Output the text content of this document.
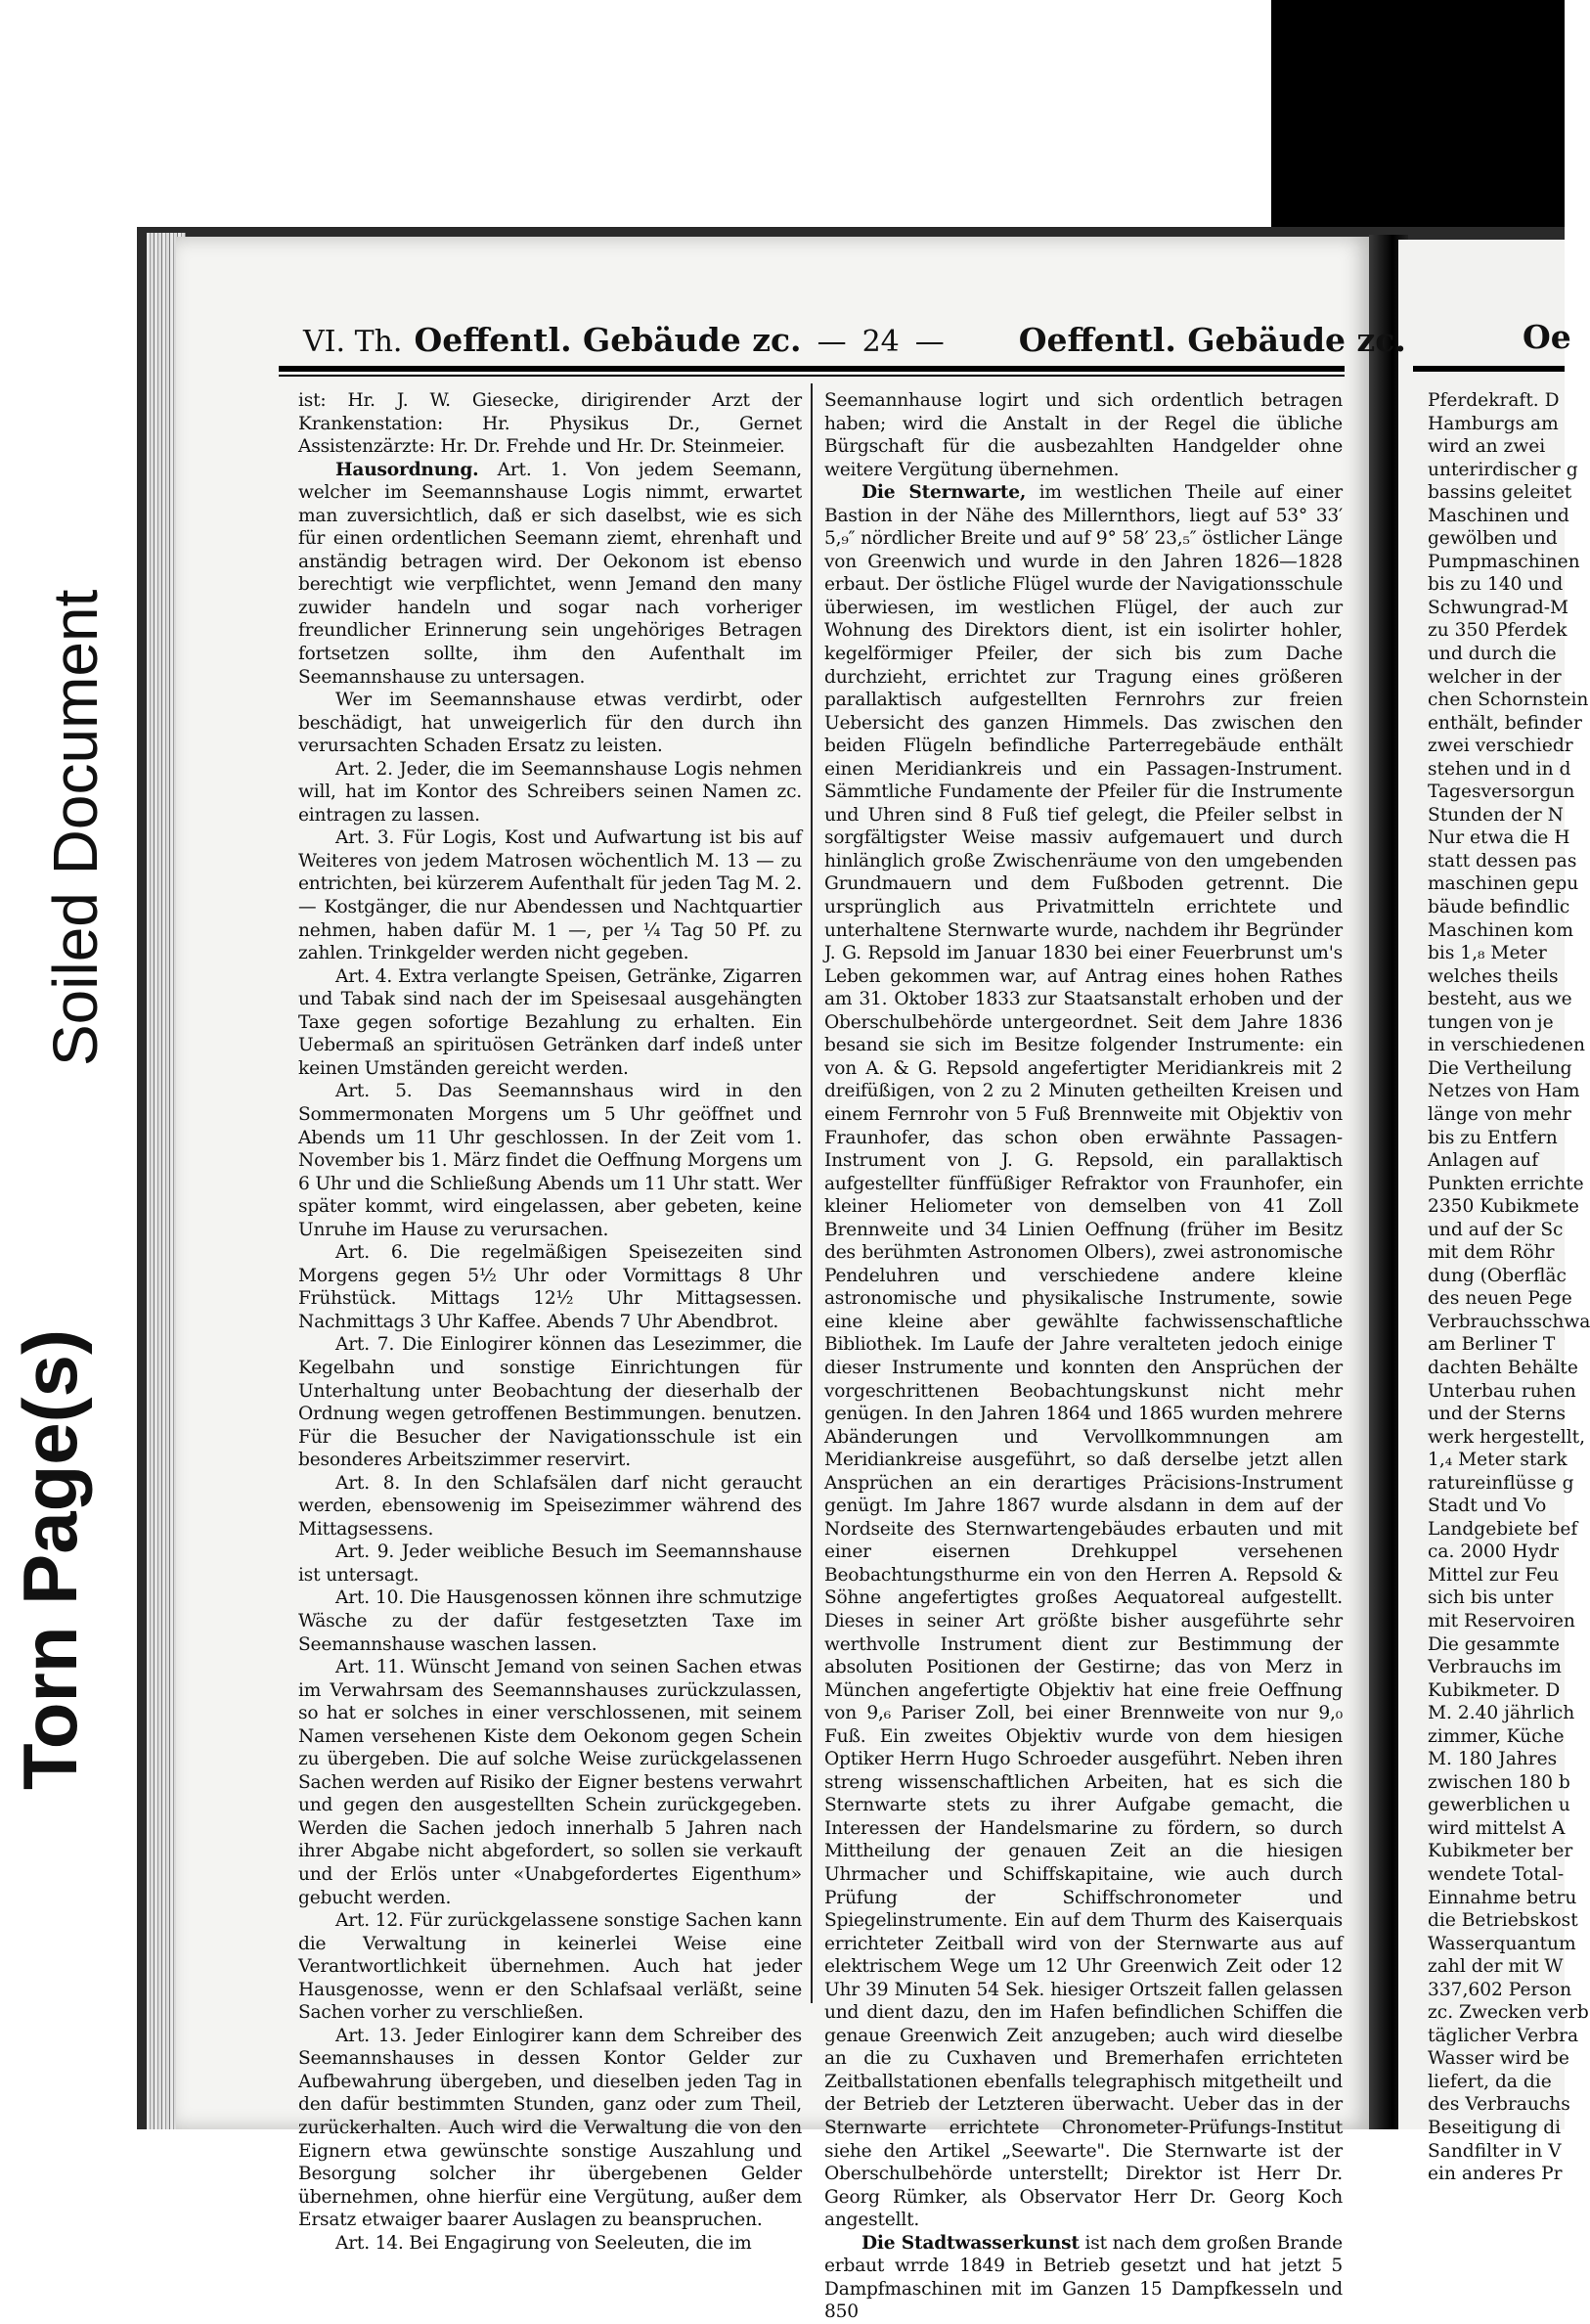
Soiled Document
Torn Page(s)
VI. Th. Oeffentl. Gebäude zc. — 24 — Oeffentl. Gebäude zc.

ist: Hr. J. W. Giesecke, dirigirender Arzt der Krankenstation: Hr. Physikus Dr., Gernet Assistenzärzte: Hr. Dr. Frehde und Hr. Dr. Steinmeier.

Hausordnung. Art. 1. Von jedem Seemann, welcher im Seemannshause Logis nimmt, erwartet man zuversichtlich, daß er sich daselbst, wie es sich für einen ordentlichen Seemann ziemt, ehrenhaft und anständig betragen wird. Der Oekonom ist ebenso berechtigt wie verpflichtet, wenn Jemand den many zuwider handeln und sogar nach vorheriger freundlicher Erinnerung sein ungehöriges Betragen fortsetzen sollte, ihm den Aufenthalt im Seemannshause zu untersagen.

Wer im Seemannshause etwas verdirbt, oder beschädigt, hat unweigerlich für den durch ihn verursachten Schaden Ersatz zu leisten.

Art. 2. Jeder, die im Seemannshause Logis nehmen will, hat im Kontor des Schreibers seinen Namen zc. eintragen zu lassen.

Art. 3. Für Logis, Kost und Aufwartung ist bis auf Weiteres von jedem Matrosen wöchentlich M. 13 — zu entrichten, bei kürzerem Aufenthalt für jeden Tag M. 2. — Kostgänger, die nur Abendessen und Nachtquartier nehmen, haben dafür M. 1 —, per ¼ Tag 50 Pf. zu zahlen. Trinkgelder werden nicht gegeben.

Art. 4. Extra verlangte Speisen, Getränke, Zigarren und Tabak sind nach der im Speisesaal ausgehängten Taxe gegen sofortige Bezahlung zu erhalten. Ein Uebermaß an spirituösen Getränken darf indeß unter keinen Umständen gereicht werden.

Art. 5. Das Seemannshaus wird in den Sommermonaten Morgens um 5 Uhr geöffnet und Abends um 11 Uhr geschlossen. In der Zeit vom 1. November bis 1. März findet die Oeffnung Morgens um 6 Uhr und die Schließung Abends um 11 Uhr statt. Wer später kommt, wird eingelassen, aber gebeten, keine Unruhe im Hause zu verursachen.

Art. 6. Die regelmäßigen Speisezeiten sind Morgens gegen 5½ Uhr oder Vormittags 8 Uhr Frühstück. Mittags 12½ Uhr Mittagsessen. Nachmittags 3 Uhr Kaffee. Abends 7 Uhr Abendbrot.

Art. 7. Die Einlogirer können das Lesezimmer, die Kegelbahn und sonstige Einrichtungen für Unterhaltung unter Beobachtung der dieserhalb der Ordnung wegen getroffenen Bestimmungen. benutzen. Für die Besucher der Navigationsschule ist ein besonderes Arbeitszimmer reservirt.

Art. 8. In den Schlafsälen darf nicht geraucht werden, ebensowenig im Speisezimmer während des Mittagsessens.

Art. 9. Jeder weibliche Besuch im Seemannshause ist untersagt.

Art. 10. Die Hausgenossen können ihre schmutzige Wäsche zu der dafür festgesetzten Taxe im Seemannshause waschen lassen.

Art. 11. Wünscht Jemand von seinen Sachen etwas im Verwahrsam des Seemannshauses zurückzulassen, so hat er solches in einer verschlossenen, mit seinem Namen versehenen Kiste dem Oekonom gegen Schein zu übergeben. Die auf solche Weise zurückgelassenen Sachen werden auf Risiko der Eigner bestens verwahrt und gegen den ausgestellten Schein zurückgegeben. Werden die Sachen jedoch innerhalb 5 Jahren nach ihrer Abgabe nicht abgefordert, so sollen sie verkauft und der Erlös unter «Unabgefordertes Eigenthum» gebucht werden.

Art. 12. Für zurückgelassene sonstige Sachen kann die Verwaltung in keinerlei Weise eine Verantwortlichkeit übernehmen. Auch hat jeder Hausgenosse, wenn er den Schlafsaal verläßt, seine Sachen vorher zu verschließen.

Art. 13. Jeder Einlogirer kann dem Schreiber des Seemannshauses in dessen Kontor Gelder zur Aufbewahrung übergeben, und dieselben jeden Tag in den dafür bestimmten Stunden, ganz oder zum Theil, zurückerhalten. Auch wird die Verwaltung die von den Eignern etwa gewünschte sonstige Auszahlung und Besorgung solcher ihr übergebenen Gelder übernehmen, ohne hierfür eine Vergütung, außer dem Ersatz etwaiger baarer Auslagen zu beanspruchen.

Art. 14. Bei Engagirung von Seeleuten, die im

Seemannhause logirt und sich ordentlich betragen haben; wird die Anstalt in der Regel die übliche Bürgschaft für die ausbezahlten Handgelder ohne weitere Vergütung übernehmen.

Die Sternwarte, im westlichen Theile auf einer Bastion in der Nähe des Millernthors, liegt auf 53° 33′ 5,₉″ nördlicher Breite und auf 9° 58′ 23,₅″ östlicher Länge von Greenwich und wurde in den Jahren 1826—1828 erbaut. Der östliche Flügel wurde der Navigationsschule überwiesen, im westlichen Flügel, der auch zur Wohnung des Direktors dient, ist ein isolirter hohler, kegelförmiger Pfeiler, der sich bis zum Dache durchzieht, errichtet zur Tragung eines größeren parallaktisch aufgestellten Fernrohrs zur freien Uebersicht des ganzen Himmels. Das zwischen den beiden Flügeln befindliche Parterregebäude enthält einen Meridiankreis und ein Passagen-Instrument. Sämmtliche Fundamente der Pfeiler für die Instrumente und Uhren sind 8 Fuß tief gelegt, die Pfeiler selbst in sorgfältigster Weise massiv aufgemauert und durch hinlänglich große Zwischenräume von den umgebenden Grundmauern und dem Fußboden getrennt. Die ursprünglich aus Privatmitteln errichtete und unterhaltene Sternwarte wurde, nachdem ihr Begründer J. G. Repsold im Januar 1830 bei einer Feuerbrunst um's Leben gekommen war, auf Antrag eines hohen Rathes am 31. Oktober 1833 zur Staatsanstalt erhoben und der Oberschulbehörde untergeordnet. Seit dem Jahre 1836 besand sie sich im Besitze folgender Instrumente: ein von A. & G. Repsold angefertigter Meridiankreis mit 2 dreifüßigen, von 2 zu 2 Minuten getheilten Kreisen und einem Fernrohr von 5 Fuß Brennweite mit Objektiv von Fraunhofer, das schon oben erwähnte Passagen-Instrument von J. G. Repsold, ein parallaktisch aufgestellter fünffüßiger Refraktor von Fraunhofer, ein kleiner Heliometer von demselben von 41 Zoll Brennweite und 34 Linien Oeffnung (früher im Besitz des berühmten Astronomen Olbers), zwei astronomische Pendeluhren und verschiedene andere kleine astronomische und physikalische Instrumente, sowie eine kleine aber gewählte fachwissenschaftliche Bibliothek. Im Laufe der Jahre veralteten jedoch einige dieser Instrumente und konnten den Ansprüchen der vorgeschrittenen Beobachtungskunst nicht mehr genügen. In den Jahren 1864 und 1865 wurden mehrere Abänderungen und Vervollkommnungen am Meridiankreise ausgeführt, so daß derselbe jetzt allen Ansprüchen an ein derartiges Präcisions-Instrument genügt. Im Jahre 1867 wurde alsdann in dem auf der Nordseite des Sternwartengebäudes erbauten und mit einer eisernen Drehkuppel versehenen Beobachtungsthurme ein von den Herren A. Repsold & Söhne angefertigtes großes Aequatoreal aufgestellt. Dieses in seiner Art größte bisher ausgeführte sehr werthvolle Instrument dient zur Bestimmung der absoluten Positionen der Gestirne; das von Merz in München angefertigte Objektiv hat eine freie Oeffnung von 9,₆ Pariser Zoll, bei einer Brennweite von nur 9,₀ Fuß. Ein zweites Objektiv wurde von dem hiesigen Optiker Herrn Hugo Schroeder ausgeführt. Neben ihren streng wissenschaftlichen Arbeiten, hat es sich die Sternwarte stets zu ihrer Aufgabe gemacht, die Interessen der Handelsmarine zu fördern, so durch Mittheilung der genauen Zeit an die hiesigen Uhrmacher und Schiffskapitaine, wie auch durch Prüfung der Schiffschronometer und Spiegelinstrumente. Ein auf dem Thurm des Kaiserquais errichteter Zeitball wird von der Sternwarte aus auf elektrischem Wege um 12 Uhr Greenwich Zeit oder 12 Uhr 39 Minuten 54 Sek. hiesiger Ortszeit fallen gelassen und dient dazu, den im Hafen befindlichen Schiffen die genaue Greenwich Zeit anzugeben; auch wird dieselbe an die zu Cuxhaven und Bremerhafen errichteten Zeitballstationen ebenfalls telegraphisch mitgetheilt und der Betrieb der Letzteren überwacht. Ueber das in der Sternwarte errichtete Chronometer-Prüfungs-Institut siehe den Artikel „Seewarte". Die Sternwarte ist der Oberschulbehörde unterstellt; Direktor ist Herr Dr. Georg Rümker, als Observator Herr Dr. Georg Koch angestellt.

Die Stadtwasserkunst ist nach dem großen Brande erbaut wrrde 1849 in Betrieb gesetzt und hat jetzt 5 Dampfmaschinen mit im Ganzen 15 Dampfkesseln und 850

Oe
Pferdekraft. D
Hamburgs am
wird an zwei
unterirdischer g
bassins geleitet
Maschinen und
gewölben und
Pumpmaschinen
bis zu 140 und
Schwungrad-M
zu 350 Pferdek
und durch die
welcher in der
chen Schornstein
enthält, befinder
zwei verschiedr
stehen und in d
Tagesversorgun
Stunden der N
Nur etwa die H
statt dessen pas
maschinen gepu
bäude befindlic
Maschinen kom
bis 1,₈ Meter
welches theils
besteht, aus we
tungen von je
in verschiedenen
Die Vertheilung
Netzes von Ham
länge von mehr
bis zu Entfern
Anlagen auf
Punkten errichte
2350 Kubikmete
und auf der Sc
mit dem Röhr
dung (Oberfläc
des neuen Pege
Verbrauchsschwa
am Berliner T
dachten Behälte
Unterbau ruhen
und der Sterns
werk hergestellt,
1,₄ Meter stark
ratureinflüsse g
Stadt und Vo
Landgebiete bef
ca. 2000 Hydr
Mittel zur Feu
sich bis unter
mit Reservoiren
Die gesammte
Verbrauchs im
Kubikmeter. D
M. 2.40 jährlich
zimmer, Küche
M. 180 Jahres
zwischen 180 b
gewerblichen u
wird mittelst A
Kubikmeter ber
wendete Total-
Einnahme betru
die Betriebskost
Wasserquantum
zahl der mit W
337,602 Person
zc. Zwecken verb
täglicher Verbra
Wasser wird be
liefert, da die
des Verbrauchs
Beseitigung di
Sandfilter in V
ein anderes Pr
